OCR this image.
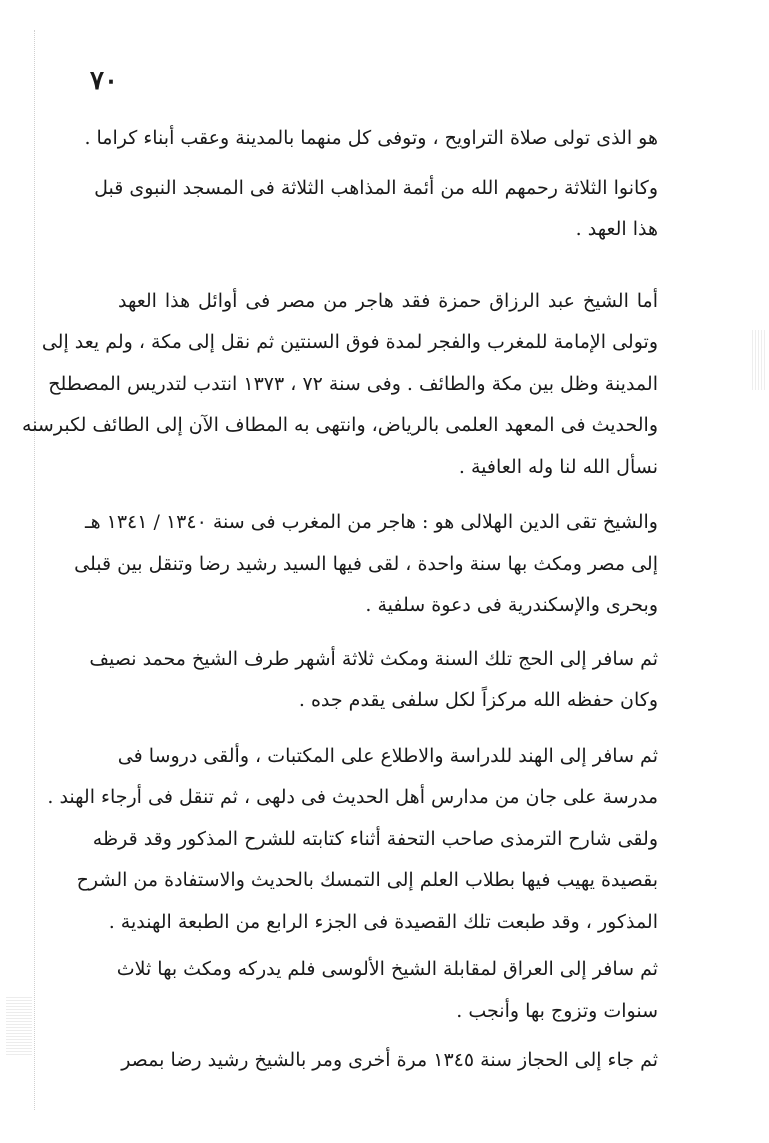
٧٠
هو الذى تولى صلاة التراويح ، وتوفى كل منهما بالمدينة وعقب أبناء كراما .
وكانوا الثلاثة رحمهم الله من أئمة المذاهب الثلاثة فى المسجد النبوى قبل
هذا العهد .
أما الشيخ عبد الرزاق حمزة فقد هاجر من مصر فى أوائل هذا العهد
وتولى الإمامة للمغرب والفجر لمدة فوق السنتين ثم نقل إلى مكة ، ولم يعد إلى
المدينة وظل بين مكة والطائف . وفى سنة ٧٢ ، ١٣٧٣ انتدب لتدريس المصطلح
والحديث فى المعهد العلمى بالرياض، وانتهى به المطاف الآن إلى الطائف لكبرسنه
نسأل الله لنا وله العافية .
والشيخ تقى الدين الهلالى هو : هاجر من المغرب فى سنة ١٣٤٠ / ١٣٤١ هـ
إلى مصر ومكث بها سنة واحدة ، لقى فيها السيد رشيد رضا وتنقل بين قبلى
وبحرى والإسكندرية فى دعوة سلفية .
ثم سافر إلى الحج تلك السنة ومكث ثلاثة أشهر طرف الشيخ محمد نصيف
وكان حفظه الله مركزاً لكل سلفى يقدم جده .
ثم سافر إلى الهند للدراسة والاطلاع على المكتبات ، وألقى دروسا فى
مدرسة على جان من مدارس أهل الحديث فى دلهى ، ثم تنقل فى أرجاء الهند .
ولقى شارح الترمذى صاحب التحفة أثناء كتابته للشرح المذكور وقد قرظه
بقصيدة يهيب فيها بطلاب العلم إلى التمسك بالحديث والاستفادة من الشرح
المذكور ، وقد طبعت تلك القصيدة فى الجزء الرابع من الطبعة الهندية .
ثم سافر إلى العراق لمقابلة الشيخ الألوسى فلم يدركه ومكث بها ثلاث
سنوات وتزوج بها وأنجب .
ثم جاء إلى الحجاز سنة ١٣٤٥ مرة أخرى ومر بالشيخ رشيد رضا بمصر
